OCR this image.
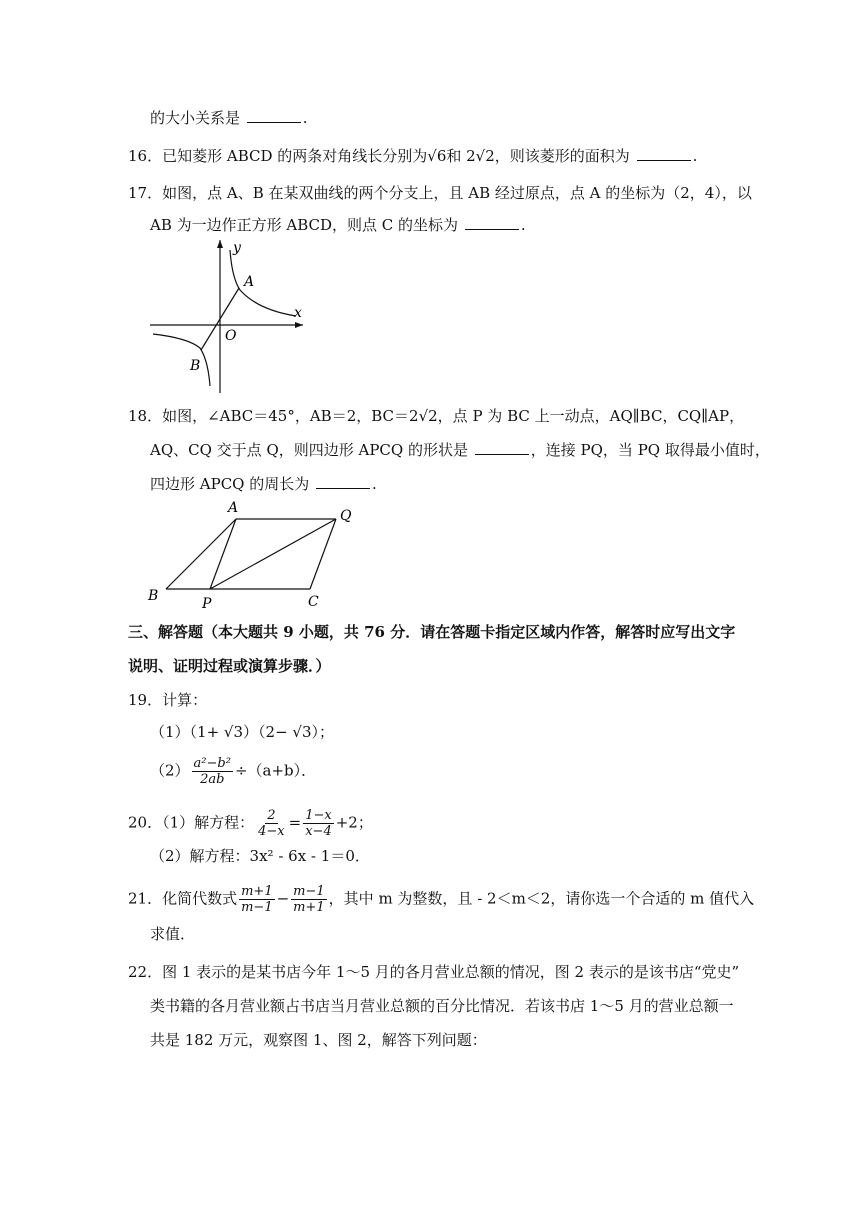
的大小关系是	.
16．已知菱形 ABCD 的两条对角线长分别为√6和 2√2，则该菱形的面积为	.
17．如图，点 A、B 在某双曲线的两个分支上，且 AB 经过原点，点 A 的坐标为（2，4），以
AB 为一边作正方形 ABCD，则点 C 的坐标为	.
y
x
A
O
B
18．如图，∠ABC＝45°，AB＝2，BC＝2√2，点 P 为 BC 上一动点，AQ∥BC，CQ∥AP，
AQ、CQ 交于点 Q，则四边形 APCQ 的形状是	，连接 PQ，当 PQ 取得最小值时，
四边形 APCQ 的周长为	.
A	Q
B	P	C
三、解答题（本大题共 9 小题，共 76 分．请在答题卡指定区域内作答，解答时应写出文字
说明、证明过程或演算步骤．）
19．计算：
（1）（1+ √3）（2− √3）；
$(2) \frac{\text{a²−b²}}{2ab} \div(a+b)$．
20．（1）解方程： $\frac{2}{4-x} = \frac{1-x}{x-4} +2$；
（2）解方程：3x² - 6x - 1＝0．
21．化简代数式 $\frac{m+1}{m-1} - \frac{m-1}{m+1}$ ，其中 m 为整数，且 - 2＜m＜2，请你选一个合适的 m 值代入
求值．
22．图 1 表示的是某书店今年 1～5 月的各月营业总额的情况，图 2 表示的是该书店“党史”
类书籍的各月营业额占书店当月营业总额的百分比情况．若该书店 1～5 月的营业总额一
共是 182 万元，观察图 1、图 2，解答下列问题：
